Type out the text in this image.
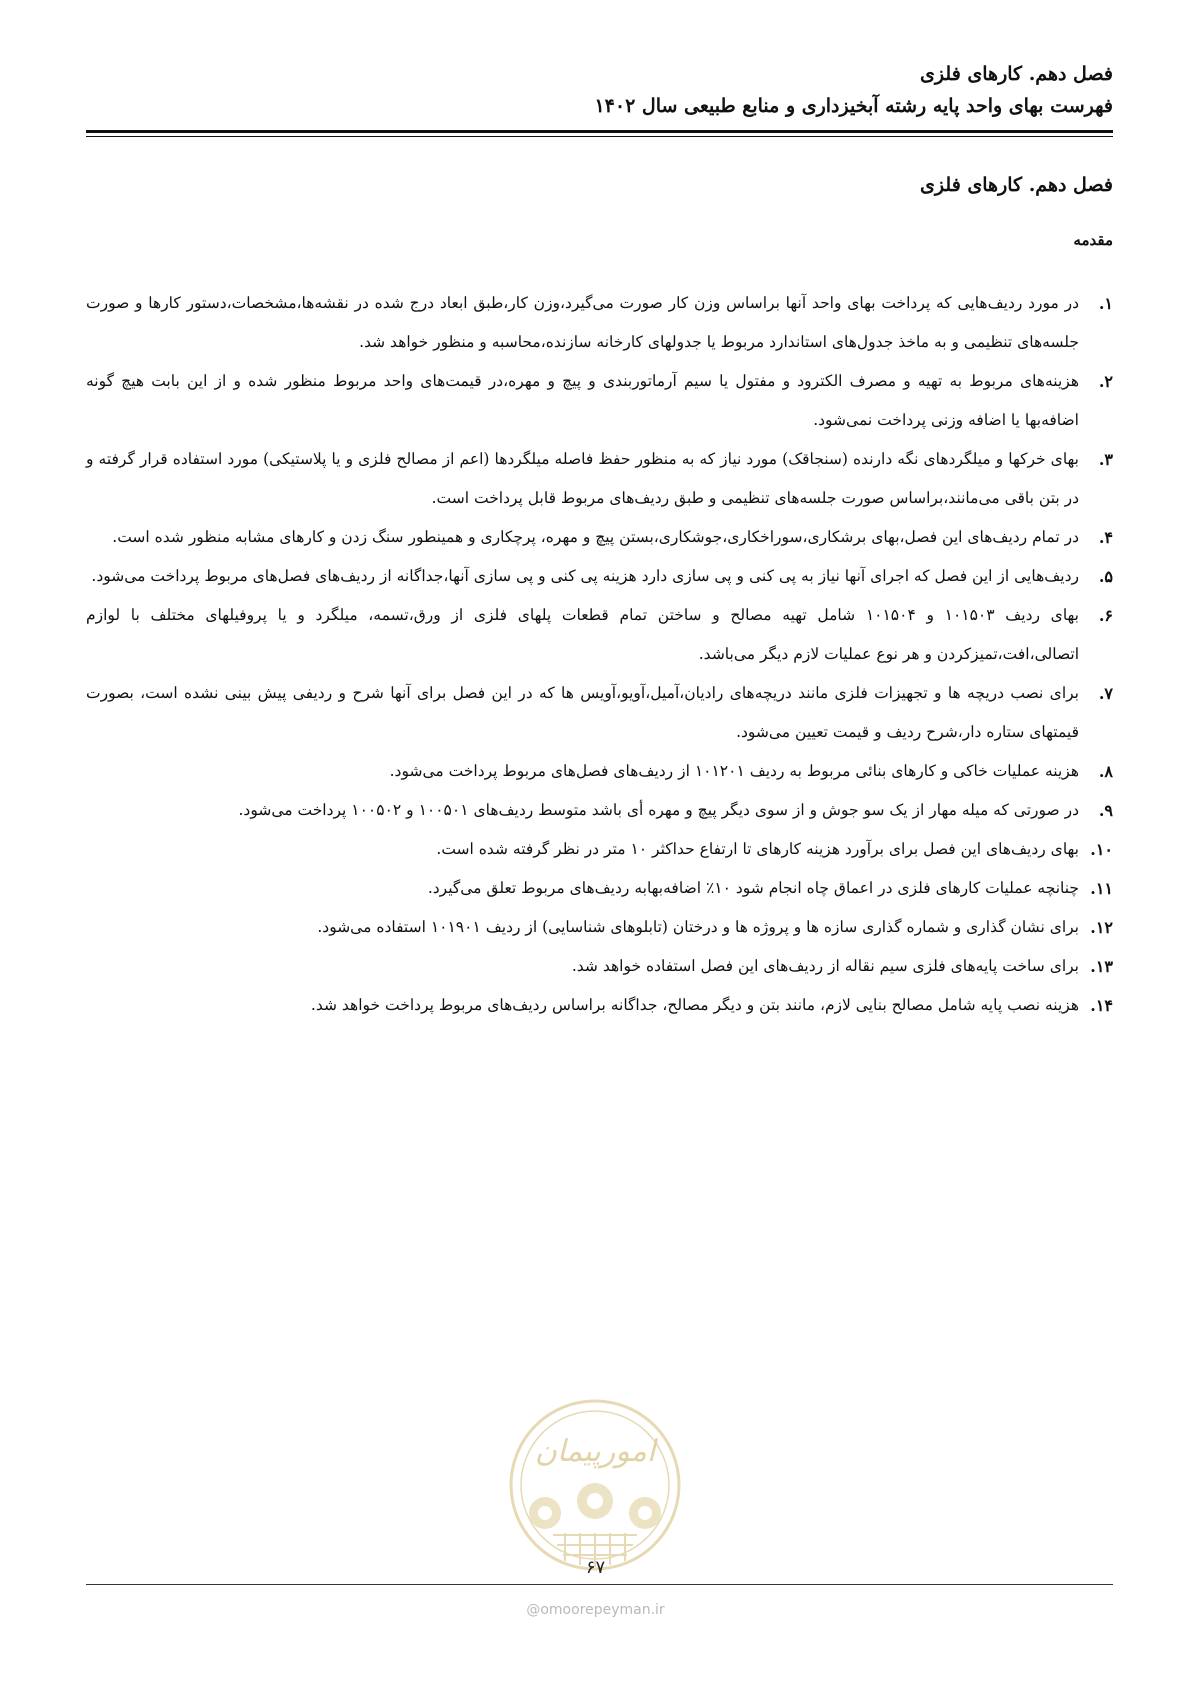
فصل دهم. کارهای فلزی
فهرست بهای واحد پایه رشته آبخیزداری و منابع طبیعی سال ۱۴۰۲
فصل دهم. کارهای فلزی
مقدمه
۱.
در مورد ردیف‌هایی که پرداخت بهای واحد آنها براساس وزن کار صورت می‌گیرد،وزن کار،طبق ابعاد درج شده در نقشه‌ها،مشخصات،دستور کارها و صورت جلسه‌های تنظیمی و به ماخذ جدول‌های استاندارد مربوط یا جدولهای کارخانه سازنده،محاسبه و منظور خواهد شد.
۲.
هزینه‌های مربوط به تهیه و مصرف الکترود و مفتول یا سیم آرماتوربندی و پیچ و مهره،در قیمت‌های واحد مربوط منظور شده و از این بابت هیچ گونه اضافه‌بها یا اضافه وزنی پرداخت نمی‌شود.
۳.
بهای خرکها و میلگردهای نگه دارنده (سنجاقک) مورد نیاز که به منظور حفظ فاصله میلگردها (اعم از مصالح فلزی و یا پلاستیکی) مورد استفاده قرار گرفته و در بتن باقی می‌مانند،براساس صورت جلسه‌های تنظیمی و طبق ردیف‌های مربوط قابل پرداخت است.
۴.
در تمام ردیف‌های این فصل،بهای برشکاری،سوراخکاری،جوشکاری،بستن پیچ و مهره، پرچکاری و همینطور سنگ زدن و کارهای مشابه منظور شده است.
۵.
ردیف‌هایی از این فصل که اجرای آنها نیاز به پی کنی و پی سازی دارد هزینه پی کنی و پی سازی آنها،جداگانه از ردیف‌های فصل‌های مربوط پرداخت می‌شود.
۶.
بهای ردیف ۱۰۱۵۰۳ و ۱۰۱۵۰۴ شامل تهیه مصالح و ساختن تمام قطعات پلهای فلزی از ورق،تسمه، میلگرد و یا پروفیلهای مختلف با لوازم اتصالی،افت،تمیزکردن و هر نوع عملیات لازم دیگر می‌باشد.
۷.
برای نصب دریچه ها و تجهیزات فلزی مانند دریچه‌های رادیان،آمیل،آویو،آویس ها که در این فصل برای آنها شرح و ردیفی پیش بینی نشده است، بصورت قیمتهای ستاره دار،شرح ردیف و قیمت تعیین می‌شود.
۸.
هزینه عملیات خاکی و کارهای بنائی مربوط به ردیف ۱۰۱۲۰۱ از ردیف‌های فصل‌های مربوط پرداخت می‌شود.
۹.
در صورتی که میله مهار از یک سو جوش و از سوی دیگر پیچ و مهره أی باشد متوسط ردیف‌های ۱۰۰۵۰۱ و ۱۰۰۵۰۲ پرداخت می‌شود.
۱۰.
بهای ردیف‌های این فصل برای برآورد هزینه کارهای تا ارتفاع حداکثر ۱۰ متر در نظر گرفته شده است.
۱۱.
چنانچه عملیات کارهای فلزی در اعماق چاه انجام شود ۱۰٪ اضافه‌بهابه ردیف‌های مربوط تعلق می‌گیرد.
۱۲.
برای نشان گذاری و شماره گذاری سازه ها و پروژه ها و درختان (تابلوهای شناسایی) از ردیف ۱۰۱۹۰۱ استفاده می‌شود.
۱۳.
برای ساخت پایه‌های فلزی سیم نقاله از ردیف‌های این فصل استفاده خواهد شد.
۱۴.
هزینه نصب پایه شامل مصالح بنایی لازم، مانند بتن و دیگر مصالح، جداگانه براساس ردیف‌های مربوط پرداخت خواهد شد.
امورپیمان
۶۷
@omoorepeyman.ir
